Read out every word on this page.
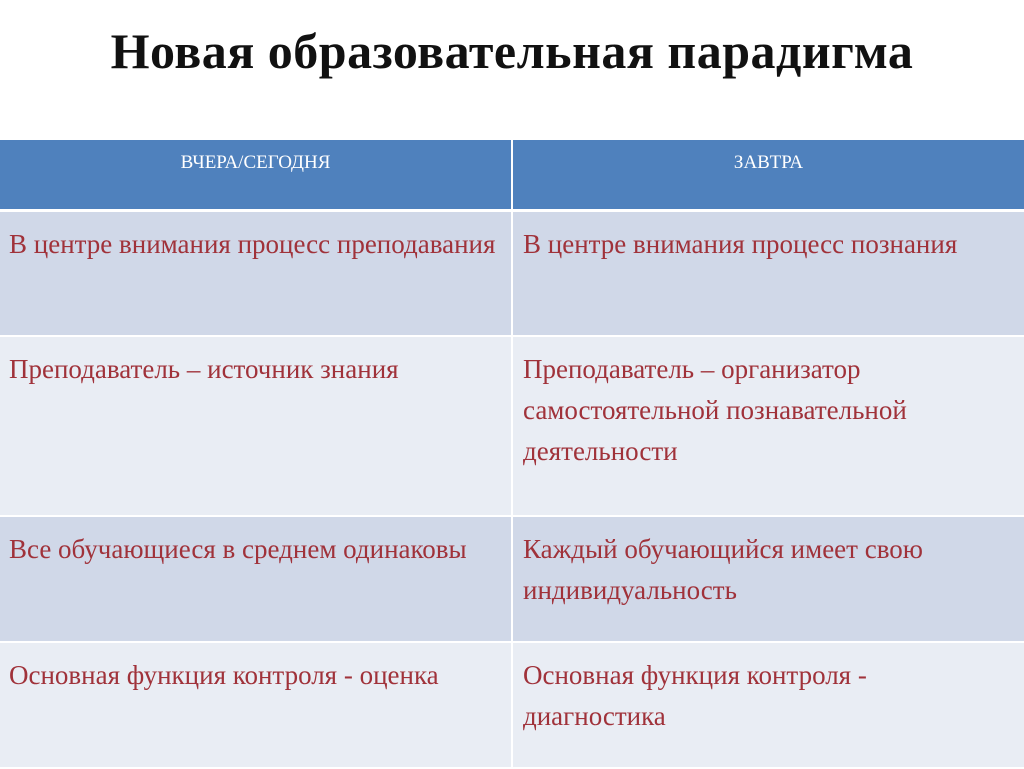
Новая образовательная парадигма
ВЧЕРА/СЕГОДНЯ	ЗАВТРА
В центре внимания процесс преподавания	В центре внимания процесс познания
Преподаватель – источник знания	Преподаватель – организатор самостоятельной познавательной деятельности
Все обучающиеся в среднем одинаковы	Каждый обучающийся имеет свою индивидуальность
Основная функция контроля - оценка	Основная функция контроля - диагностика
